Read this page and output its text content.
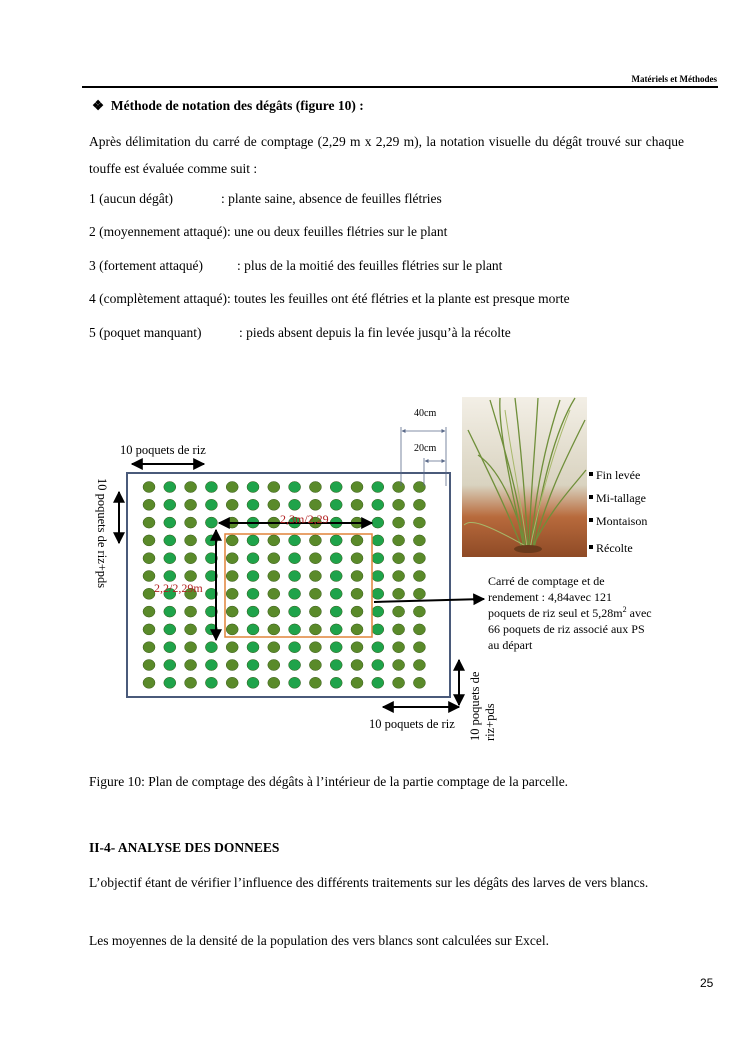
Matériels et Méthodes
❖ Méthode de notation des dégâts (figure 10) :
Après délimitation du carré de comptage (2,29 m x 2,29 m), la notation visuelle du dégât trouvé sur chaque touffe est évaluée comme suit :
1 (aucun dégât)	: plante saine, absence de feuilles flétries
2 (moyennement attaqué): une ou deux feuilles flétries sur le plant
3 (fortement attaqué)	: plus de la moitié des feuilles flétries sur le plant
4 (complètement attaqué): toutes les feuilles ont été flétries et la plante est presque morte
5 (poquet manquant)	: pieds absent depuis la fin levée jusqu’à la récolte
10 poquets de riz
10 poquets de riz+pds
10 poquets de riz 10 poquets de riz+pds
40cm
20cm
2,3m/2,29
2,2/2,29m
Fin levée
Mi-tallage
Montaison
Récolte
Carré de comptage et de
rendement : 4,84avec 121
poquets de riz seul et $5,28m^2$ avec
66 poquets de riz associé aux PS
au départ
Figure 10: Plan de comptage des dégâts à l’intérieur de la partie comptage de la parcelle.
II-4- ANALYSE DES DONNEES
L’objectif étant de vérifier l’influence des différents traitements sur les dégâts des larves de vers blancs.
Les moyennes de la densité de la population des vers blancs sont calculées sur Excel.
25
